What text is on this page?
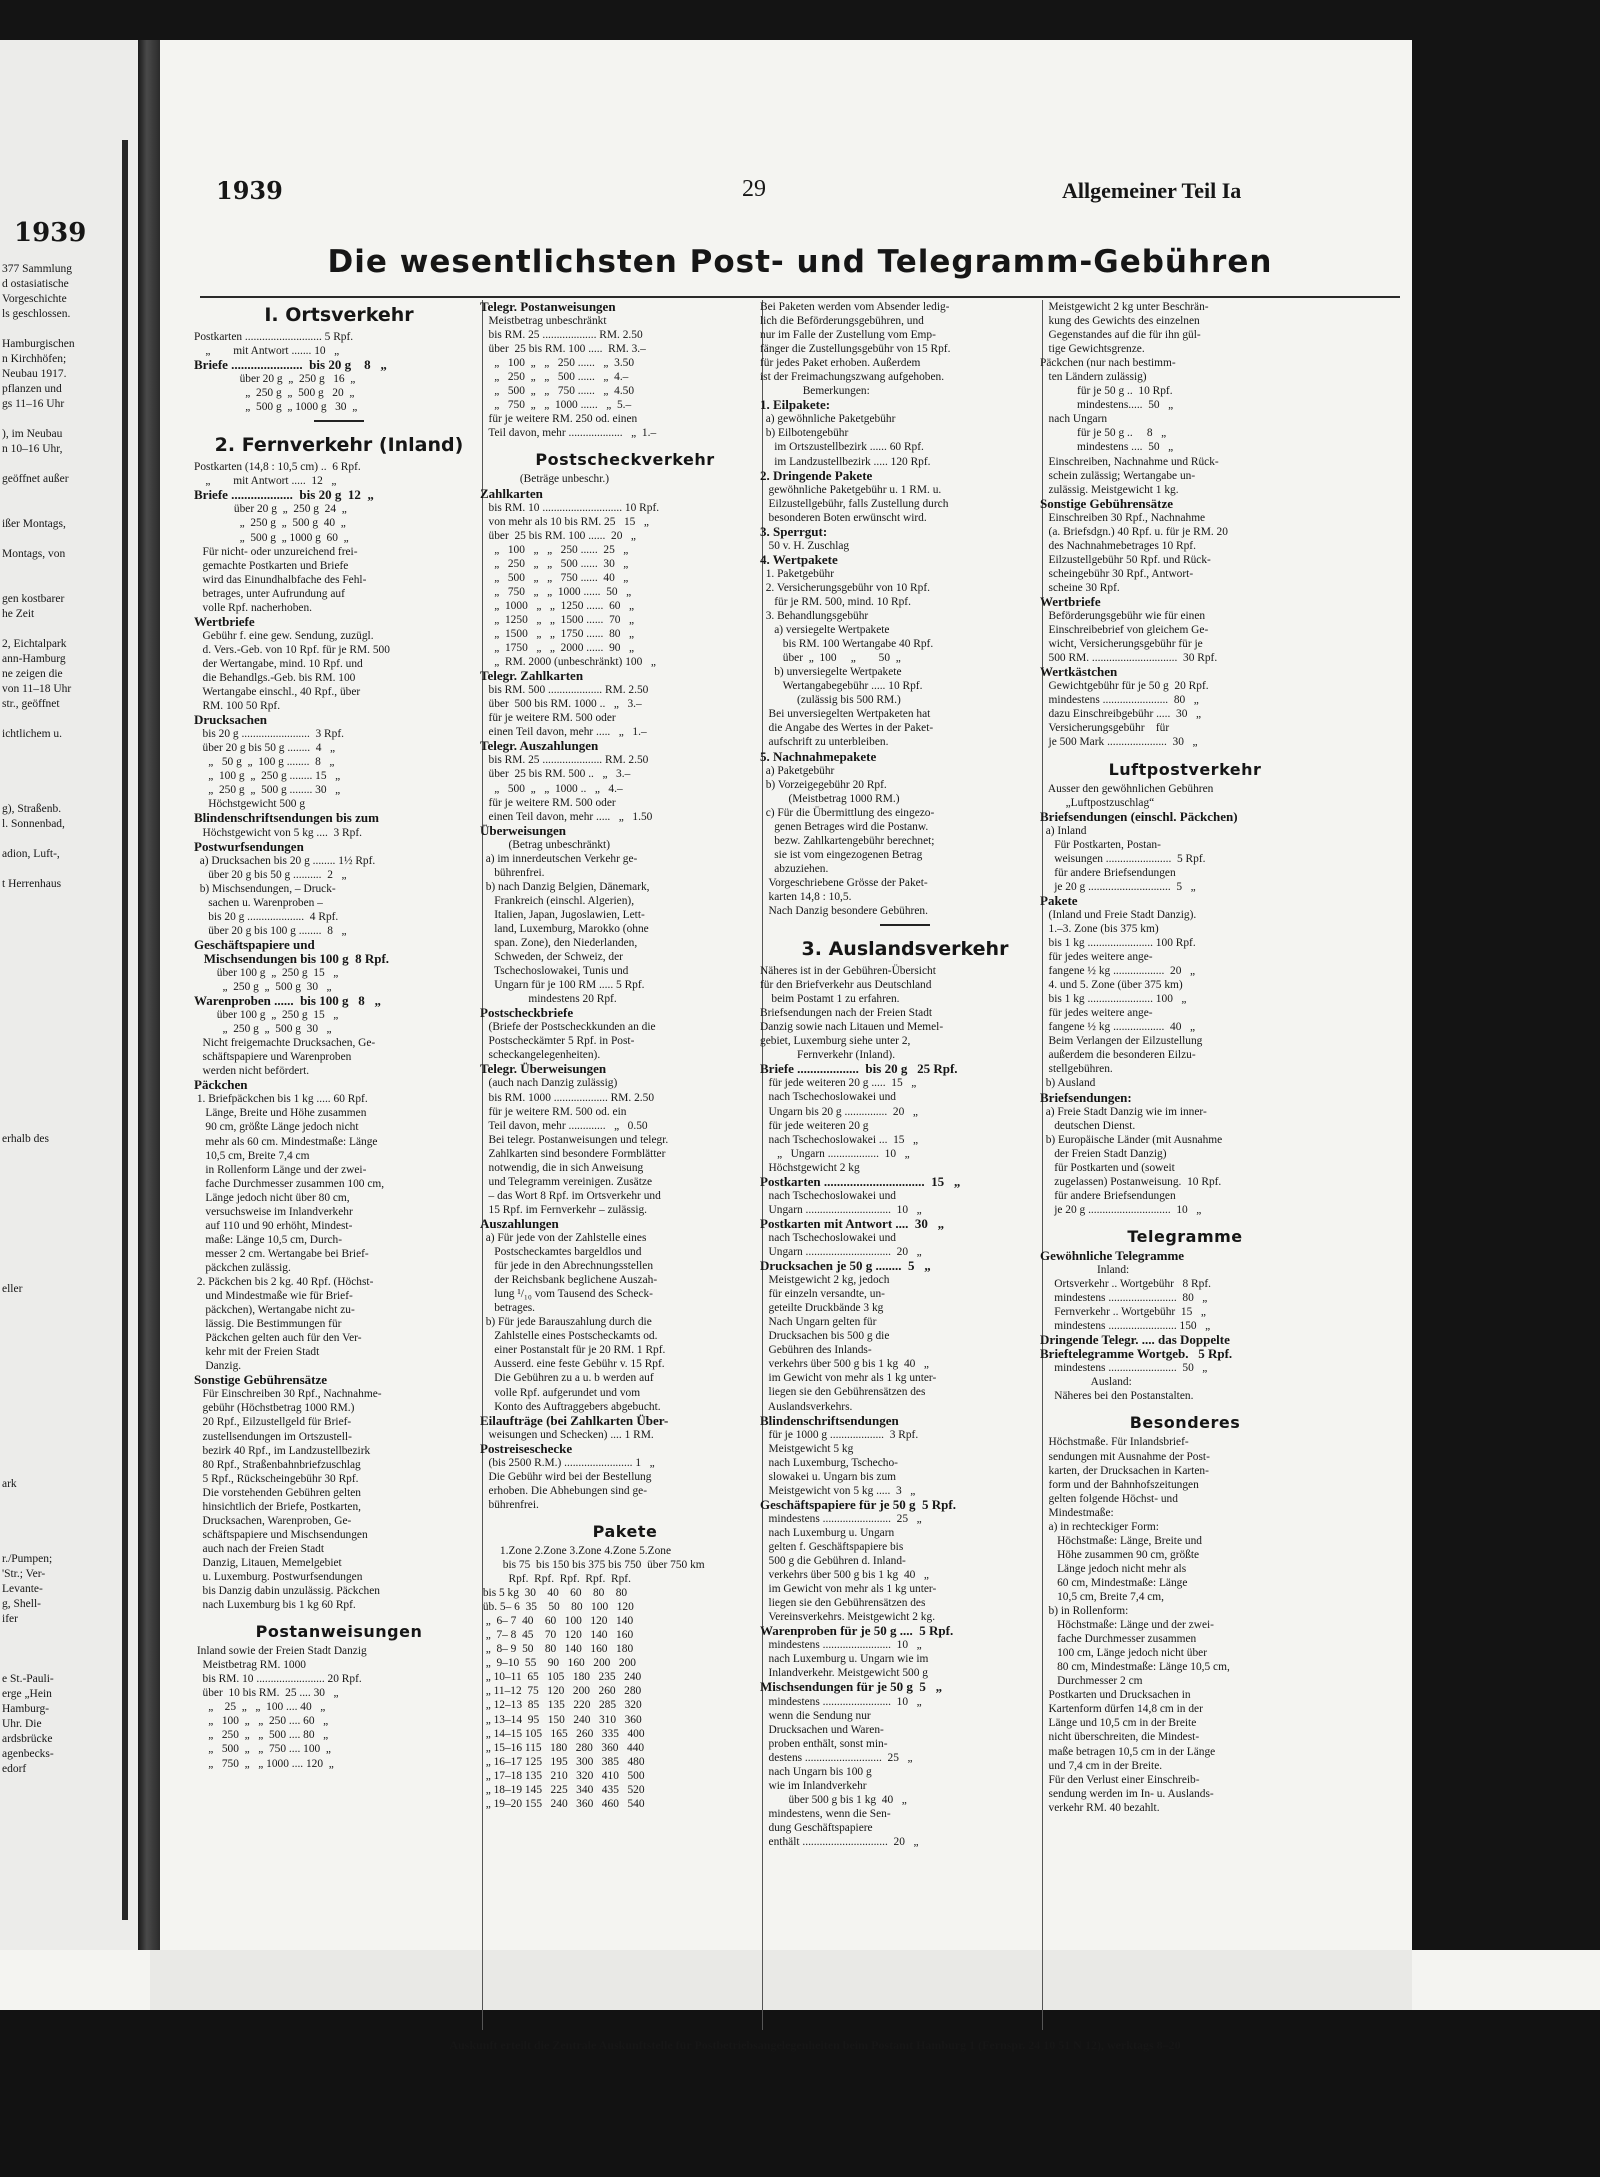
1939
377 Sammlung
d ostasiatische
Vorgeschichte
ls geschlossen.
Hamburgischen
n Kirchhöfen;
Neubau 1917.
pflanzen und
gs 11–16 Uhr
), im Neubau
n 10–16 Uhr,
geöffnet außer
ißer Montags,
Montags, von
gen kostbarer
he Zeit
2, Eichtalpark
ann-Hamburg
ne zeigen die
von 11–18 Uhr
str., geöffnet
ichtlichem u.
g), Straßenb.
l. Sonnenbad,
adion, Luft-,
t Herrenhaus
erhalb des
eller
ark
r./Pumpen;
'Str.; Ver-
Levante-
g, Shell-
ifer
e St.-Pauli-
erge „Hein
Hamburg-
Uhr. Die
ardsbrücke
agenbecks-
edorf
1939	29	Allgemeiner Teil Ia
Die wesentlichsten Post- und Telegramm-Gebühren
I. Ortsverkehr
Postkarten ........................... 5 Rpf.
„        mit Antwort ....... 10   „
Briefe ......................  bis 20 g    8   „
über 20 g  „  250 g   16  „
„  250 g  „  500 g   20  „
„  500 g  „ 1000 g   30  „
2. Fernverkehr (Inland)
Postkarten (14,8 : 10,5 cm) ..  6 Rpf.
„        mit Antwort .....  12   „
Briefe ...................  bis 20 g  12  „
über 20 g  „  250 g  24  „
„  250 g  „  500 g  40  „
„  500 g  „ 1000 g  60  „
Für nicht- oder unzureichend frei-
gemachte Postkarten und Briefe
wird das Einundhalbfache des Fehl-
betrages, unter Aufrundung auf
volle Rpf. nacherhoben.
Wertbriefe
Gebühr f. eine gew. Sendung, zuzügl.
d. Vers.-Geb. von 10 Rpf. für je RM. 500
der Wertangabe, mind. 10 Rpf. und
die Behandlgs.-Geb. bis RM. 100
Wertangabe einschl., 40 Rpf., über
RM. 100 50 Rpf.
Drucksachen
bis 20 g ........................  3 Rpf.
über 20 g bis 50 g ........  4   „
„   50 g  „  100 g ........  8   „
„  100 g  „  250 g ........ 15   „
„  250 g  „  500 g ........ 30   „
Höchstgewicht 500 g
Blindenschriftsendungen bis zum
Höchstgewicht von 5 kg ....  3 Rpf.
Postwurfsendungen
a) Drucksachen bis 20 g ........ 1½ Rpf.
über 20 g bis 50 g ..........  2   „
b) Mischsendungen, – Druck-
sachen u. Warenproben –
bis 20 g ....................  4 Rpf.
über 20 g bis 100 g ........  8   „
Geschäftspapiere und
Mischsendungen bis 100 g  8 Rpf.
über 100 g  „  250 g  15   „
„  250 g  „  500 g  30   „
Warenproben ......  bis 100 g   8   „
über 100 g  „  250 g  15   „
„  250 g  „  500 g  30   „
Nicht freigemachte Drucksachen, Ge-
schäftspapiere und Warenproben
werden nicht befördert.
Päckchen
1. Briefpäckchen bis 1 kg ..... 60 Rpf.
Länge, Breite und Höhe zusammen
90 cm, größte Länge jedoch nicht
mehr als 60 cm. Mindestmaße: Länge
10,5 cm, Breite 7,4 cm
in Rollenform Länge und der zwei-
fache Durchmesser zusammen 100 cm,
Länge jedoch nicht über 80 cm,
versuchsweise im Inlandverkehr
auf 110 und 90 erhöht, Mindest-
maße: Länge 10,5 cm, Durch-
messer 2 cm. Wertangabe bei Brief-
päckchen zulässig.
2. Päckchen bis 2 kg. 40 Rpf. (Höchst-
und Mindestmaße wie für Brief-
päckchen), Wertangabe nicht zu-
lässig. Die Bestimmungen für
Päckchen gelten auch für den Ver-
kehr mit der Freien Stadt
Danzig.
Sonstige Gebührensätze
Für Einschreiben 30 Rpf., Nachnahme-
gebühr (Höchstbetrag 1000 RM.)
20 Rpf., Eilzustellgeld für Brief-
zustellsendungen im Ortszustell-
bezirk 40 Rpf., im Landzustellbezirk
80 Rpf., Straßenbahnbriefzuschlag
5 Rpf., Rückscheingebühr 30 Rpf.
Die vorstehenden Gebühren gelten
hinsichtlich der Briefe, Postkarten,
Drucksachen, Warenproben, Ge-
schäftspapiere und Mischsendungen
auch nach der Freien Stadt
Danzig, Litauen, Memelgebiet
u. Luxemburg. Postwurfsendungen
bis Danzig dabin unzulässig. Päckchen
nach Luxemburg bis 1 kg 60 Rpf.
Postanweisungen
Inland sowie der Freien Stadt Danzig
Meistbetrag RM. 1000
bis RM. 10 ........................ 20 Rpf.
über  10 bis RM.  25 .... 30   „
„    25  „   „  100 .... 40   „
„   100  „   „  250 .... 60   „
„   250  „   „  500 .... 80   „
„   500  „   „  750 .... 100  „
„   750  „   „ 1000 .... 120  „
Telegr. Postanweisungen
Meistbetrag unbeschränkt
bis RM. 25 ................... RM. 2.50
über  25 bis RM. 100 .....  RM. 3.–
„   100  „   „   250 ......   „  3.50
„   250  „   „   500 ......   „  4.–
„   500  „   „   750 ......   „  4.50
„   750  „   „  1000 ......   „  5.–
für je weitere RM. 250 od. einen
Teil davon, mehr ...................   „  1.–
Postscheckverkehr
(Beträge unbeschr.)
Zahlkarten
bis RM. 10 ............................ 10 Rpf.
von mehr als 10 bis RM. 25   15   „
über  25 bis RM. 100 ......  20   „
„   100   „   „   250 ......  25   „
„   250   „   „   500 ......  30   „
„   500   „   „   750 ......  40   „
„   750   „   „  1000 ......  50   „
„  1000   „   „  1250 ......  60   „
„  1250   „   „  1500 ......  70   „
„  1500   „   „  1750 ......  80   „
„  1750   „   „  2000 ......  90   „
„  RM. 2000 (unbeschränkt) 100   „
Telegr. Zahlkarten
bis RM. 500 ................... RM. 2.50
über  500 bis RM. 1000 ..   „   3.–
für je weitere RM. 500 oder
einen Teil davon, mehr .....   „   1.–
Telegr. Auszahlungen
bis RM. 25 ..................... RM. 2.50
über  25 bis RM. 500 ..   „   3.–
„   500  „   „  1000 ..   „   4.–
für je weitere RM. 500 oder
einen Teil davon, mehr .....   „   1.50
Überweisungen
(Betrag unbeschränkt)
a) im innerdeutschen Verkehr ge-
bührenfrei.
b) nach Danzig Belgien, Dänemark,
Frankreich (einschl. Algerien),
Italien, Japan, Jugoslawien, Lett-
land, Luxemburg, Marokko (ohne
span. Zone), den Niederlanden,
Schweden, der Schweiz, der
Tschechoslowakei, Tunis und
Ungarn für je 100 RM ..... 5 Rpf.
mindestens 20 Rpf.
Postscheckbriefe
(Briefe der Postscheckkunden an die
Postscheckämter 5 Rpf. in Post-
scheckangelegenheiten).
Telegr. Überweisungen
(auch nach Danzig zulässig)
bis RM. 1000 ................... RM. 2.50
für je weitere RM. 500 od. ein
Teil davon, mehr .............   „   0.50
Bei telegr. Postanweisungen und telegr.
Zahlkarten sind besondere Formblätter
notwendig, die in sich Anweisung
und Telegramm vereinigen. Zusätze
– das Wort 8 Rpf. im Ortsverkehr und
15 Rpf. im Fernverkehr – zulässig.
Auszahlungen
a) Für jede von der Zahlstelle eines
Postscheckamtes bargeldlos und
für jede in den Abrechnungsstellen
der Reichsbank beglichene Auszah-
lung ¹/₁₀ vom Tausend des Scheck-
betrages.
b) Für jede Barauszahlung durch die
Zahlstelle eines Postscheckamts od.
einer Postanstalt für je 20 RM. 1 Rpf.
Ausserd. eine feste Gebühr v. 15 Rpf.
Die Gebühren zu a u. b werden auf
volle Rpf. aufgerundet und vom
Konto des Auftraggebers abgebucht.
Eilaufträge (bei Zahlkarten Über-
weisungen und Schecken) .... 1 RM.
Postreiseschecke
(bis 2500 R.M.) ........................ 1   „
Die Gebühr wird bei der Bestellung
erhoben. Die Abhebungen sind ge-
bührenfrei.
Pakete
1.Zone 2.Zone 3.Zone 4.Zone 5.Zone
bis 75  bis 150 bis 375 bis 750  über 750 km
Rpf.  Rpf.  Rpf.  Rpf.  Rpf.
bis 5 kg  30    40    60    80    80
üb. 5– 6  35    50    80   100   120
„  6– 7  40    60   100   120   140
„  7– 8  45    70   120   140   160
„  8– 9  50    80   140   160   180
„  9–10  55    90   160   200   200
„ 10–11  65   105   180   235   240
„ 11–12  75   120   200   260   280
„ 12–13  85   135   220   285   320
„ 13–14  95   150   240   310   360
„ 14–15 105   165   260   335   400
„ 15–16 115   180   280   360   440
„ 16–17 125   195   300   385   480
„ 17–18 135   210   320   410   500
„ 18–19 145   225   340   435   520
„ 19–20 155   240   360   460   540
Bei Paketen werden vom Absender ledig-
lich die Beförderungsgebühren, und
nur im Falle der Zustellung vom Emp-
fänger die Zustellungsgebühr von 15 Rpf.
für jedes Paket erhoben. Außerdem
ist der Freimachungszwang aufgehoben.
Bemerkungen:
1. Eilpakete:
a) gewöhnliche Paketgebühr
b) Eilbotengebühr
im Ortszustellbezirk ...... 60 Rpf.
im Landzustellbezirk ..... 120 Rpf.
2. Dringende Pakete
gewöhnliche Paketgebühr u. 1 RM. u.
Eilzustellgebühr, falls Zustellung durch
besonderen Boten erwünscht wird.
3. Sperrgut:
50 v. H. Zuschlag
4. Wertpakete
1. Paketgebühr
2. Versicherungsgebühr von 10 Rpf.
für je RM. 500, mind. 10 Rpf.
3. Behandlungsgebühr
a) versiegelte Wertpakete
bis RM. 100 Wertangabe 40 Rpf.
über  „  100     „        50  „
b) unversiegelte Wertpakete
Wertangabegebühr ..... 10 Rpf.
(zulässig bis 500 RM.)
Bei unversiegelten Wertpaketen hat
die Angabe des Wertes in der Paket-
aufschrift zu unterbleiben.
5. Nachnahmepakete
a) Paketgebühr
b) Vorzeigegebühr 20 Rpf.
(Meistbetrag 1000 RM.)
c) Für die Übermittlung des eingezo-
genen Betrages wird die Postanw.
bezw. Zahlkartengebühr berechnet;
sie ist vom eingezogenen Betrag
abzuziehen.
Vorgeschriebene Grösse der Paket-
karten 14,8 : 10,5.
Nach Danzig besondere Gebühren.
3. Auslandsverkehr
Näheres ist in der Gebühren-Übersicht
für den Briefverkehr aus Deutschland
beim Postamt 1 zu erfahren.
Briefsendungen nach der Freien Stadt
Danzig sowie nach Litauen und Memel-
gebiet, Luxemburg siehe unter 2,
Fernverkehr (Inland).
Briefe ...................  bis 20 g   25 Rpf.
für jede weiteren 20 g .....  15   „
nach Tschechoslowakei und
Ungarn bis 20 g ...............  20   „
für jede weiteren 20 g
nach Tschechoslowakei ...  15   „
„   Ungarn ..................  10   „
Höchstgewicht 2 kg
Postkarten ...............................  15   „
nach Tschechoslowakei und
Ungarn ..............................  10   „
Postkarten mit Antwort ....  30   „
nach Tschechoslowakei und
Ungarn ..............................  20   „
Drucksachen je 50 g ........  5   „
Meistgewicht 2 kg, jedoch
für einzeln versandte, un-
geteilte Druckbände 3 kg
Nach Ungarn gelten für
Drucksachen bis 500 g die
Gebühren des Inlands-
verkehrs über 500 g bis 1 kg  40   „
im Gewicht von mehr als 1 kg unter-
liegen sie den Gebührensätzen des
Auslandsverkehrs.
Blindenschriftsendungen
für je 1000 g ...................  3 Rpf.
Meistgewicht 5 kg
nach Luxemburg, Tschecho-
slowakei u. Ungarn bis zum
Meistgewicht von 5 kg .....  3   „
Geschäftspapiere für je 50 g  5 Rpf.
mindestens ........................  25   „
nach Luxemburg u. Ungarn
gelten f. Geschäftspapiere bis
500 g die Gebühren d. Inland-
verkehrs über 500 g bis 1 kg  40   „
im Gewicht von mehr als 1 kg unter-
liegen sie den Gebührensätzen des
Vereinsverkehrs. Meistgewicht 2 kg.
Warenproben für je 50 g ....  5 Rpf.
mindestens ........................  10   „
nach Luxemburg u. Ungarn wie im
Inlandverkehr. Meistgewicht 500 g
Mischsendungen für je 50 g  5   „
mindestens ........................  10   „
wenn die Sendung nur
Drucksachen und Waren-
proben enthält, sonst min-
destens ...........................  25   „
nach Ungarn bis 100 g
wie im Inlandverkehr
über 500 g bis 1 kg  40   „
mindestens, wenn die Sen-
dung Geschäftspapiere
enthält ..............................  20   „
Meistgewicht 2 kg unter Beschrän-
kung des Gewichts des einzelnen
Gegenstandes auf die für ihn gül-
tige Gewichtsgrenze.
Päckchen (nur nach bestimm-
ten Ländern zulässig)
für je 50 g ..  10 Rpf.
mindestens.....  50   „
nach Ungarn
für je 50 g ..     8   „
mindestens ....  50   „
Einschreiben, Nachnahme und Rück-
schein zulässig; Wertangabe un-
zulässig. Meistgewicht 1 kg.
Sonstige Gebührensätze
Einschreiben 30 Rpf., Nachnahme
(a. Briefsdgn.) 40 Rpf. u. für je RM. 20
des Nachnahmebetrages 10 Rpf.
Eilzustellgebühr 50 Rpf. und Rück-
scheingebühr 30 Rpf., Antwort-
scheine 30 Rpf.
Wertbriefe
Beförderungsgebühr wie für einen
Einschreibebrief von gleichem Ge-
wicht, Versicherungsgebühr für je
500 RM. ..............................  30 Rpf.
Wertkästchen
Gewichtgebühr für je 50 g  20 Rpf.
mindestens .......................  80   „
dazu Einschreibgebühr .....  30   „
Versicherungsgebühr    für
je 500 Mark .....................  30   „
Luftpostverkehr
Ausser den gewöhnlichen Gebühren
„Luftpostzuschlag“
Briefsendungen (einschl. Päckchen)
a) Inland
Für Postkarten, Postan-
weisungen .......................  5 Rpf.
für andere Briefsendungen
je 20 g .............................  5   „
Pakete
(Inland und Freie Stadt Danzig).
1.–3. Zone (bis 375 km)
bis 1 kg ....................... 100 Rpf.
für jedes weitere ange-
fangene ½ kg ..................  20   „
4. und 5. Zone (über 375 km)
bis 1 kg ....................... 100   „
für jedes weitere ange-
fangene ½ kg ..................  40   „
Beim Verlangen der Eilzustellung
außerdem die besonderen Eilzu-
stellgebühren.
b) Ausland
Briefsendungen:
a) Freie Stadt Danzig wie im inner-
deutschen Dienst.
b) Europäische Länder (mit Ausnahme
der Freien Stadt Danzig)
für Postkarten und (soweit
zugelassen) Postanweisung.  10 Rpf.
für andere Briefsendungen
je 20 g .............................  10   „
Telegramme
Gewöhnliche Telegramme
Inland:
Ortsverkehr .. Wortgebühr   8 Rpf.
mindestens ........................  80   „
Fernverkehr .. Wortgebühr  15   „
mindestens ........................ 150   „
Dringende Telegr. .... das Doppelte
Brieftelegramme Wortgeb.   5 Rpf.
mindestens ........................  50   „
Ausland:
Näheres bei den Postanstalten.
Besonderes
Höchstmaße. Für Inlandsbrief-
sendungen mit Ausnahme der Post-
karten, der Drucksachen in Karten-
form und der Bahnhofszeitungen
gelten folgende Höchst- und
Mindestmaße:
a) in rechteckiger Form:
Höchstmaße: Länge, Breite und
Höhe zusammen 90 cm, größte
Länge jedoch nicht mehr als
60 cm, Mindestmaße: Länge
10,5 cm, Breite 7,4 cm,
b) in Rollenform:
Höchstmaße: Länge und der zwei-
fache Durchmesser zusammen
100 cm, Länge jedoch nicht über
80 cm, Mindestmaße: Länge 10,5 cm,
Durchmesser 2 cm
Postkarten und Drucksachen in
Kartenform dürfen 14,8 cm in der
Länge und 10,5 cm in der Breite
nicht überschreiten, die Mindest-
maße betragen 10,5 cm in der Länge
und 7,4 cm in der Breite.
Für den Verlust einer Einschreib-
sendung werden im In- u. Auslands-
verkehr RM. 40 bezahlt.
Auskunft erteilt die Zentrale Auskunftstelle für Postbetriebsangelegenheiten beim Postamt Hamburg 1 (Fernspr. 24 10 51 N 12), werktags 8–20
